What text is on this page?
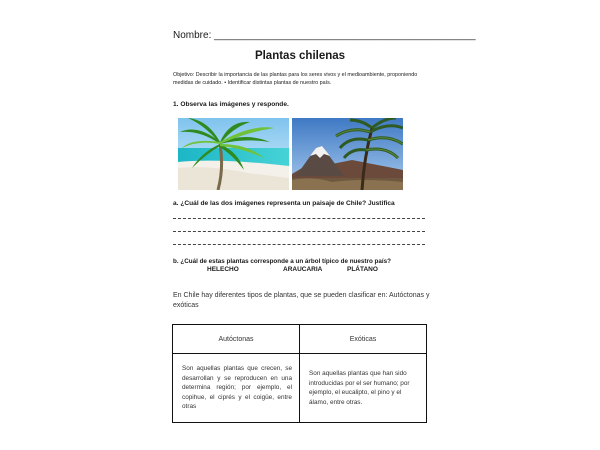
Nombre: _______________________________________________
Plantas chilenas
Objetivo: Describir la importancia de las plantas para los seres vivos y el medioambiente, proponiendo medidas de cuidado. • Identificar distintas plantas de nuestro país.
1. Observa las imágenes y responde.
a. ¿Cuál de las dos imágenes representa un paisaje de Chile? Justifica
b. ¿Cuál de estas plantas corresponde a un árbol típico de nuestro país?
HELECHO	ARAUCARIA	PLÁTANO
En Chile hay diferentes tipos de plantas, que se pueden clasificar en: Autóctonas y exóticas
Autóctonas	Exóticas
Son aquellas plantas que crecen, se desarrollan y se reproducen en una determina región; por ejemplo, el copihue, el ciprés y el coigüe, entre otras	Son aquellas plantas que han sido introducidas por el ser humano; por ejemplo, el eucalipto, el pino y el álamo, entre otras.
